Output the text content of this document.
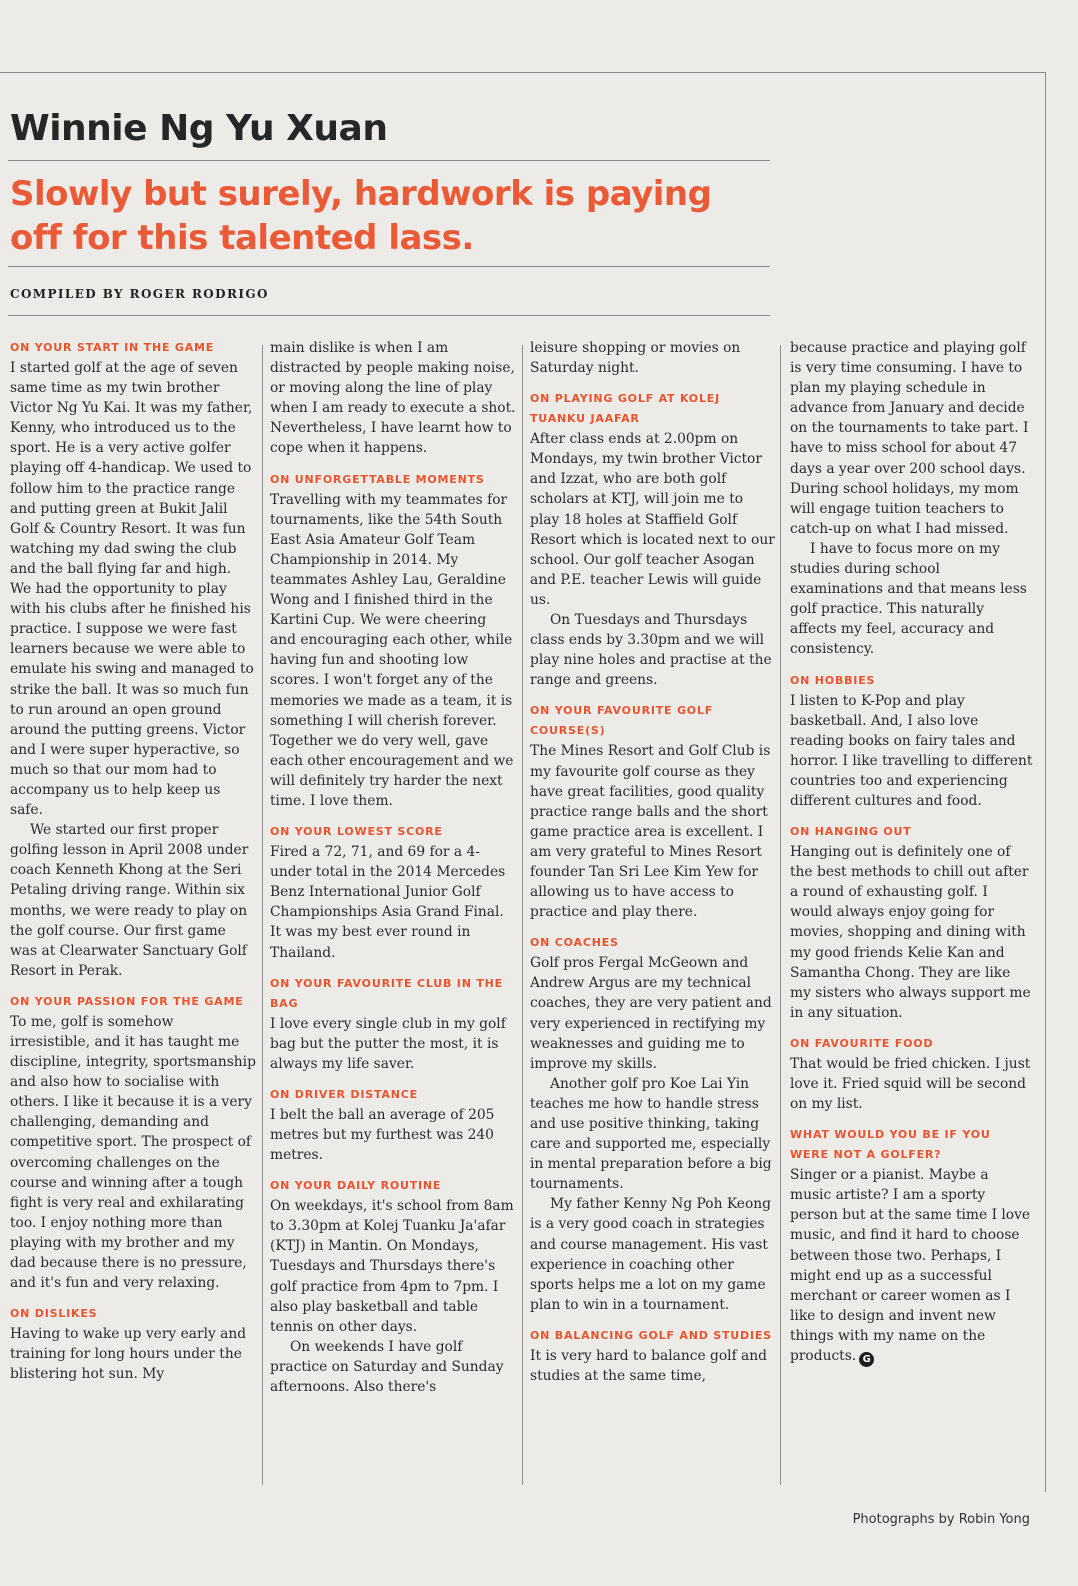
Winnie Ng Yu Xuan
Slowly but surely, hardwork is paying off for this talented lass.
COMPILED BY ROGER RODRIGO
ON YOUR START IN THE GAME

I started golf at the age of seven same time as my twin brother Victor Ng Yu Kai. It was my father, Kenny, who introduced us to the sport. He is a very active golfer playing off 4-handicap. We used to follow him to the practice range and putting green at Bukit Jalil Golf & Country Resort. It was fun watching my dad swing the club and the ball flying far and high. We had the opportunity to play with his clubs after he finished his practice. I suppose we were fast learners because we were able to emulate his swing and managed to strike the ball. It was so much fun to run around an open ground around the putting greens. Victor and I were super hyperactive, so much so that our mom had to accompany us to help keep us safe.

We started our first proper golfing lesson in April 2008 under coach Kenneth Khong at the Seri Petaling driving range. Within six months, we were ready to play on the golf course. Our first game was at Clearwater Sanctuary Golf Resort in Perak.

ON YOUR PASSION FOR THE GAME

To me, golf is somehow irresistible, and it has taught me discipline, integrity, sportsmanship and also how to socialise with others. I like it because it is a very challenging, demanding and competitive sport. The prospect of overcoming challenges on the course and winning after a tough fight is very real and exhilarating too. I enjoy nothing more than playing with my brother and my dad because there is no pressure, and it's fun and very relaxing.

ON DISLIKES

Having to wake up very early and training for long hours under the blistering hot sun. My

main dislike is when I am distracted by people making noise, or moving along the line of play when I am ready to execute a shot. Nevertheless, I have learnt how to cope when it happens.

ON UNFORGETTABLE MOMENTS

Travelling with my teammates for tournaments, like the 54th South East Asia Amateur Golf Team Championship in 2014. My teammates Ashley Lau, Geraldine Wong and I finished third in the Kartini Cup. We were cheering and encouraging each other, while having fun and shooting low scores. I won't forget any of the memories we made as a team, it is something I will cherish forever. Together we do very well, gave each other encouragement and we will definitely try harder the next time. I love them.

ON YOUR LOWEST SCORE

Fired a 72, 71, and 69 for a 4-under total in the 2014 Mercedes Benz International Junior Golf Championships Asia Grand Final. It was my best ever round in Thailand.

ON YOUR FAVOURITE CLUB IN THE BAG

I love every single club in my golf bag but the putter the most, it is always my life saver.

ON DRIVER DISTANCE

I belt the ball an average of 205 metres but my furthest was 240 metres.

ON YOUR DAILY ROUTINE

On weekdays, it's school from 8am to 3.30pm at Kolej Tuanku Ja'afar (KTJ) in Mantin. On Mondays, Tuesdays and Thursdays there's golf practice from 4pm to 7pm. I also play basketball and table tennis on other days.

On weekends I have golf practice on Saturday and Sunday afternoons. Also there's

leisure shopping or movies on Saturday night.

ON PLAYING GOLF AT KOLEJ TUANKU JAAFAR

After class ends at 2.00pm on Mondays, my twin brother Victor and Izzat, who are both golf scholars at KTJ, will join me to play 18 holes at Staffield Golf Resort which is located next to our school. Our golf teacher Asogan and P.E. teacher Lewis will guide us.

On Tuesdays and Thursdays class ends by 3.30pm and we will play nine holes and practise at the range and greens.

ON YOUR FAVOURITE GOLF COURSE(S)

The Mines Resort and Golf Club is my favourite golf course as they have great facilities, good quality practice range balls and the short game practice area is excellent. I am very grateful to Mines Resort founder Tan Sri Lee Kim Yew for allowing us to have access to practice and play there.

ON COACHES

Golf pros Fergal McGeown and Andrew Argus are my technical coaches, they are very patient and very experienced in rectifying my weaknesses and guiding me to improve my skills.

Another golf pro Koe Lai Yin teaches me how to handle stress and use positive thinking, taking care and supported me, especially in mental preparation before a big tournaments.

My father Kenny Ng Poh Keong is a very good coach in strategies and course management. His vast experience in coaching other sports helps me a lot on my game plan to win in a tournament.

ON BALANCING GOLF AND STUDIES

It is very hard to balance golf and studies at the same time,

because practice and playing golf is very time consuming. I have to plan my playing schedule in advance from January and decide on the tournaments to take part. I have to miss school for about 47 days a year over 200 school days. During school holidays, my mom will engage tuition teachers to catch-up on what I had missed.

I have to focus more on my studies during school examinations and that means less golf practice. This naturally affects my feel, accuracy and consistency.

ON HOBBIES

I listen to K-Pop and play basketball. And, I also love reading books on fairy tales and horror. I like travelling to different countries too and experiencing different cultures and food.

ON HANGING OUT

Hanging out is definitely one of the best methods to chill out after a round of exhausting golf. I would always enjoy going for movies, shopping and dining with my good friends Kelie Kan and Samantha Chong. They are like my sisters who always support me in any situation.

ON FAVOURITE FOOD

That would be fried chicken. I just love it. Fried squid will be second on my list.

WHAT WOULD YOU BE IF YOU WERE NOT A GOLFER?

Singer or a pianist. Maybe a music artiste? I am a sporty person but at the same time I love music, and find it hard to choose between those two. Perhaps, I might end up as a successful merchant or career women as I like to design and invent new things with my name on the products. G

Photographs by Robin Yong
